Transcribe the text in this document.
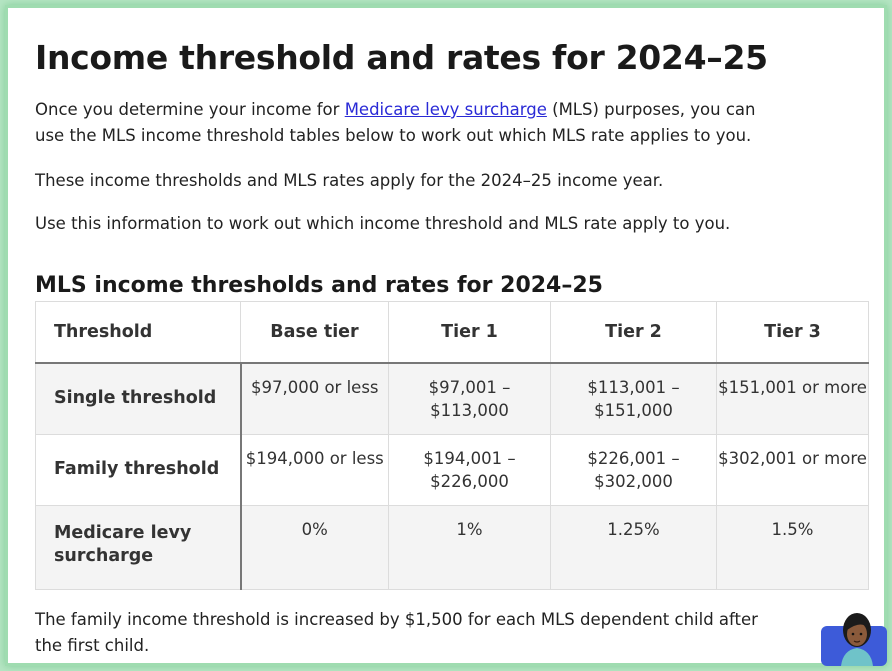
Income threshold and rates for 2024–25

Once you determine your income for Medicare levy surcharge (MLS) purposes, you can use the MLS income threshold tables below to work out which MLS rate applies to you.

These income thresholds and MLS rates apply for the 2024–25 income year.

Use this information to work out which income threshold and MLS rate apply to you.

MLS income thresholds and rates for 2024–25
Threshold	Base tier	Tier 1	Tier 2	Tier 3
Single threshold	$97,000 or less	$97,001 – $113,000	$113,001 – $151,000	$151,001 or more
Family threshold	$194,000 or less	$194,001 – $226,000	$226,001 – $302,000	$302,001 or more
Medicare levy surcharge	0%	1%	1.25%	1.5%

The family income threshold is increased by $1,500 for each MLS dependent child after the first child.
